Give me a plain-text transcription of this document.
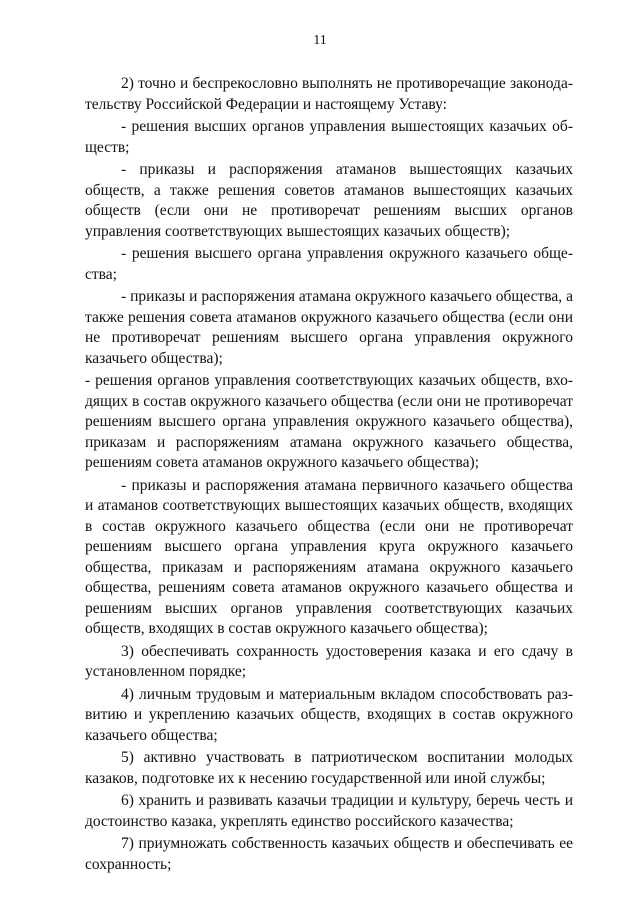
11

2) точно и беспрекословно выполнять не противоречащие законодательству Российской Федерации и настоящему Уставу:

- решения высших органов управления вышестоящих казачьих обществ;

- приказы и распоряжения атаманов вышестоящих казачьих обществ, а также решения советов атаманов вышестоящих казачьих обществ (если они не противоречат решениям высших органов управления соответствующих вышестоящих казачьих обществ);

- решения высшего органа управления окружного казачьего общества;

- приказы и распоряжения атамана окружного казачьего общества, а также решения совета атаманов окружного казачьего общества (если они не противоречат решениям высшего органа управления окружного казачьего общества);

- решения органов управления соответствующих казачьих обществ, входящих в состав окружного казачьего общества (если они не противоречат решениям высшего органа управления окружного казачьего общества), приказам и распоряжениям атамана окружного казачьего общества, решениям совета атаманов окружного казачьего общества);

- приказы и распоряжения атамана первичного казачьего общества и атаманов соответствующих вышестоящих казачьих обществ, входящих в состав окружного казачьего общества (если они не противоречат решениям высшего органа управления круга окружного казачьего общества, приказам и распоряжениям атамана окружного казачьего общества, решениям совета атаманов окружного казачьего общества и решениям высших органов управления соответствующих казачьих обществ, входящих в состав окружного казачьего общества);

3) обеспечивать сохранность удостоверения казака и его сдачу в установленном порядке;

4) личным трудовым и материальным вкладом способствовать развитию и укреплению казачьих обществ, входящих в состав окружного казачьего общества;

5) активно участвовать в патриотическом воспитании молодых казаков, подготовке их к несению государственной или иной службы;

6) хранить и развивать казачьи традиции и культуру, беречь честь и достоинство казака, укреплять единство российского казачества;

7) приумножать собственность казачьих обществ и обеспечивать ее сохранность;
